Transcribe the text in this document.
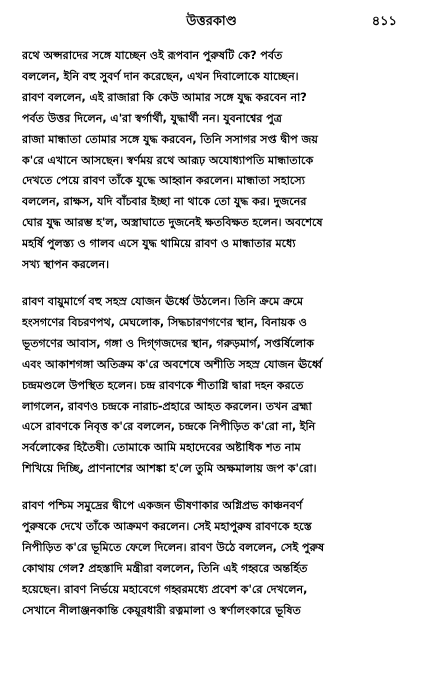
উত্তরকাণ্ড	৪১১
রথে অপ্সরাদের সঙ্গে যাচ্ছেন ওই রূপবান পুরুষটি কে? পর্বত
বললেন, ইনি বহু সুবর্ণ দান করেছেন, এখন দিবালোকে যাচ্ছেন।
রাবণ বললেন, এই রাজারা কি কেউ আমার সঙ্গে যুদ্ধ করবেন না?
পর্বত উত্তর দিলেন, এ'রা স্বর্গার্থী, যুদ্ধার্থী নন। যুবনাশ্বের পুত্র
রাজা মান্ধাতা তোমার সঙ্গে যুদ্ধ করবেন, তিনি সসাগর সপ্ত দ্বীপ জয়
ক'রে এখানে আসছেন। স্বর্ণময় রথে আরূঢ় অযোধ্যাপতি মান্ধাতাকে
দেখতে পেয়ে রাবণ তাঁকে যুদ্ধে আহ্বান করলেন। মান্ধাতা সহাস্যে
বললেন, রাক্ষস, যদি বাঁচবার ইচ্ছা না থাকে তো যুদ্ধ কর। দুজনের
ঘোর যুদ্ধ আরম্ভ হ'ল, অস্ত্রাঘাতে দুজনেই ক্ষতবিক্ষত হলেন। অবশেষে
মহর্ষি পুলস্ত্য ও গালব এসে যুদ্ধ থামিয়ে রাবণ ও মান্ধাতার মধ্যে
সখ্য স্থাপন করলেন।
রাবণ বায়ুমার্গে বহু সহস্র যোজন ঊর্ধ্বে উঠলেন। তিনি ক্রমে ক্রমে
হংসগণের বিচরণপথ, মেঘলোক, সিদ্ধচারণগণের স্থান, বিনায়ক ও
ভূতগণের আবাস, গঙ্গা ও দিগ্‌গজদের স্থান, গরুড়মার্গ, সপ্তর্ষিলোক
এবং আকাশগঙ্গা অতিক্রম ক'রে অবশেষে অশীতি সহস্র যোজন ঊর্ধ্বে
চন্দ্রমণ্ডলে উপস্থিত হলেন। চন্দ্র রাবণকে শীতাগ্নি দ্বারা দহন করতে
লাগলেন, রাবণও চন্দ্রকে নারাচ-প্রহারে আহত করলেন। তখন ব্রহ্মা
এসে রাবণকে নিবৃত্ত ক'রে বললেন, চন্দ্রকে নিপীড়িত ক'রো না, ইনি
সর্বলোকের হিতৈষী। তোমাকে আমি মহাদেবের অষ্টাধিক শত নাম
শিখিয়ে দিচ্ছি, প্রাণনাশের আশঙ্কা হ'লে তুমি অক্ষমালায় জপ ক'রো।
রাবণ পশ্চিম সমুদ্রের দ্বীপে একজন ভীষণাকার অগ্নিপ্রভ কাঞ্চনবর্ণ
পুরুষকে দেখে তাঁকে আক্রমণ করলেন। সেই মহাপুরুষ রাবণকে হস্তে
নিপীড়িত ক'রে ভূমিতে ফেলে দিলেন। রাবণ উঠে বললেন, সেই পুরুষ
কোথায় গেল? প্রহস্তাদি মন্ত্রীরা বললেন, তিনি এই গহ্বরে অন্তর্হিত
হয়েছেন। রাবণ নির্ভয়ে মহাবেগে গহ্বরমধ্যে প্রবেশ ক'রে দেখলেন,
সেখানে নীলাঞ্জনকান্তি কেয়ূরধারী রত্নমালা ও স্বর্ণালংকারে ভূষিত
